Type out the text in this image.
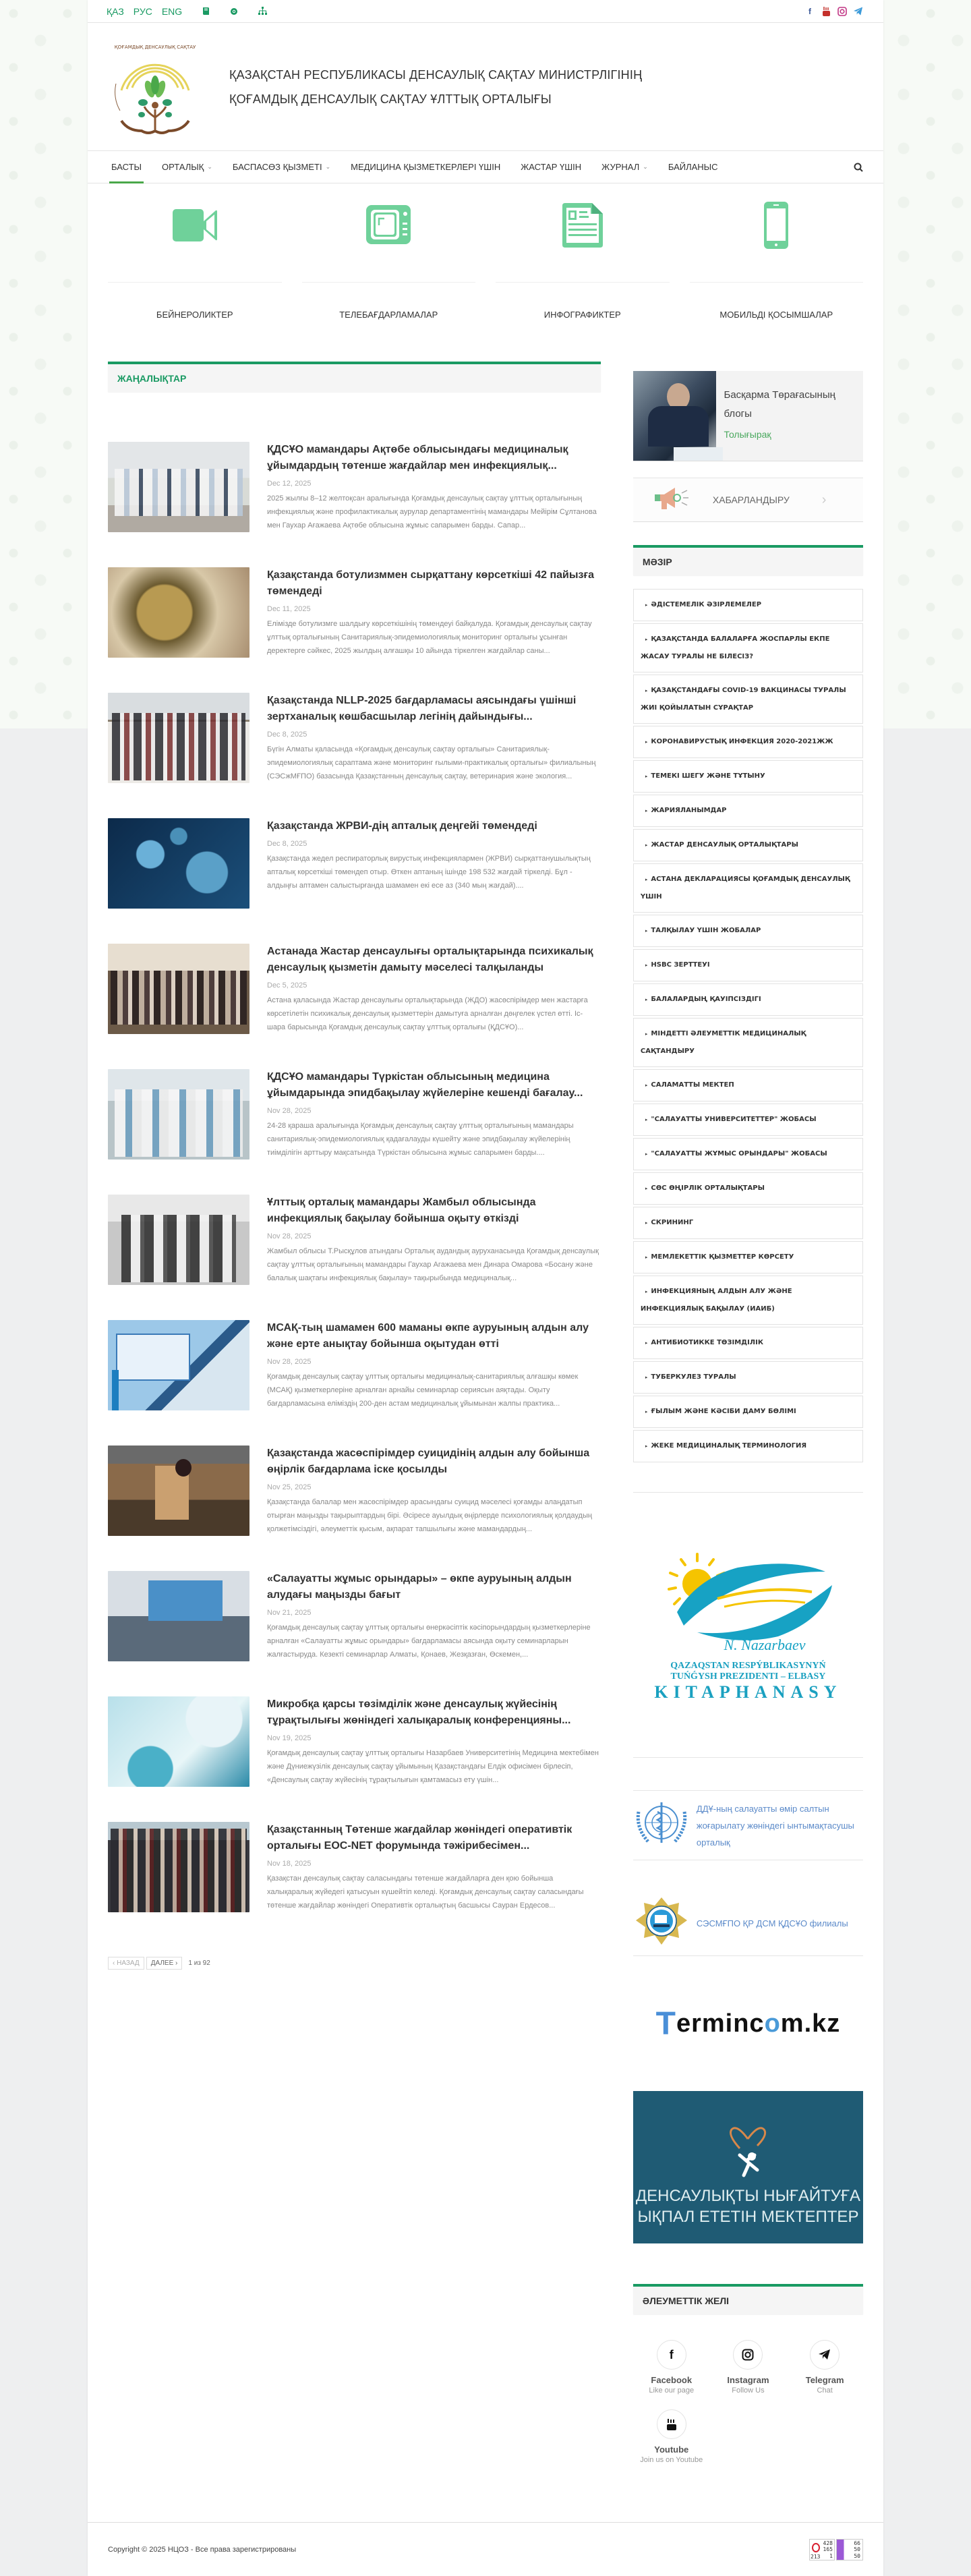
ҚАЗ РУС ENG	f
ҚОҒАМДЫҚ ДЕНСАУЛЫҚ САҚТАУ
ҚАЗАҚСТАН РЕСПУБЛИКАСЫ ДЕНСАУЛЫҚ САҚТАУ МИНИСТРЛІГІНІҢ
ҚОҒАМДЫҚ ДЕНСАУЛЫҚ САҚТАУ ҰЛТТЫҚ ОРТАЛЫҒЫ
БАСТЫ ОРТАЛЫҚ ⌄ БАСПАСӨЗ ҚЫЗМЕТІ ⌄ МЕДИЦИНА ҚЫЗМЕТКЕРЛЕРІ ҮШІН ЖАСТАР ҮШІН ЖУРНАЛ ⌄ БАЙЛАНЫС
БЕЙНЕРОЛИКТЕР	ТЕЛЕБАҒДАРЛАМАЛАР	ИНФОГРАФИКТЕР	МОБИЛЬДІ ҚОСЫМШАЛАР
ЖАҢАЛЫҚТАР
ҚДСҰО мамандары Ақтөбе облысындағы медициналық ұйымдардың төтенше жағдайлар мен инфекциялық...
Dec 12, 2025
2025 жылғы 8–12 желтоқсан аралығында Қоғамдық денсаулық сақтау ұлттық орталығының инфекциялық және профилактикалық аурулар департаментінің мамандары Мейірім Сұлтанова мен Гаухар Ағажаева Ақтөбе облысына жұмыс сапарымен барды. Сапар...
Қазақстанда ботулизммен сырқаттану көрсеткіші 42 пайызға төмендеді
Dec 11, 2025
Елімізде ботулизмге шалдығу көрсеткішінің төмендеуі байқалуда. Қоғамдық денсаулық сақтау ұлттық орталығының Санитариялық-эпидемиологиялық мониторинг орталығы ұсынған деректерге сәйкес, 2025 жылдың алғашқы 10 айында тіркелген жағдайлар саны...
Қазақстанда NLLP-2025 бағдарламасы аясындағы үшінші зертханалық көшбасшылар легінің дайындығы...
Dec 8, 2025
Бүгін Алматы қаласында «Қоғамдық денсаулық сақтау орталығы» Санитариялық-эпидемиологиялық сараптама және мониторинг ғылыми-практикалық орталығы» филиалының (СЭСжМҒПО) базасында Қазақстанның денсаулық сақтау, ветеринария және экология...
Қазақстанда ЖРВИ-дің апталық деңгейі төмендеді
Dec 8, 2025
Қазақстанда жедел респираторлық вирустық инфекциялармен (ЖРВИ) сырқаттанушылықтың апталық көрсеткіші төмендеп отыр. Өткен аптаның ішінде 198 532 жағдай тіркелді. Бұл - алдыңғы аптамен салыстырғанда шамамен екі есе аз (340 мың жағдай)....
Астанада Жастар денсаулығы орталықтарында психикалық денсаулық қызметін дамыту мәселесі талқыланды
Dec 5, 2025
Астана қаласында Жастар денсаулығы орталықтарында (ЖДО) жасөспірімдер мен жастарға көрсетілетін психикалық денсаулық қызметтерін дамытуға арналған дөңгелек үстел өтті. Іс-шара барысында Қоғамдық денсаулық сақтау ұлттық орталығы (ҚДСҰО)...
ҚДСҰО мамандары Түркістан облысының медицина ұйымдарында эпидбақылау жүйелеріне кешенді бағалау...
Nov 28, 2025
24-28 қараша аралығында Қоғамдық денсаулық сақтау ұлттық орталығының мамандары санитариялық-эпидемиологиялық қадағалауды күшейту және эпидбақылау жүйелерінің тиімділігін арттыру мақсатында Түркістан облысына жұмыс сапарымен барды....
Ұлттық орталық мамандары Жамбыл облысында инфекциялық бақылау бойынша оқыту өткізді
Nov 28, 2025
Жамбыл облысы Т.Рысқұлов атындағы Орталық аудандық ауруханасында Қоғамдық денсаулық сақтау ұлттық орталығының мамандары Гаухар Агажаева мен Динара Омарова «Босану және балалық шақтағы инфекциялық бақылау» тақырыбында медициналық...
МСАҚ-тың шамамен 600 маманы өкпе ауруының алдын алу және ерте анықтау бойынша оқытудан өтті
Nov 28, 2025
Қоғамдық денсаулық сақтау ұлттық орталығы медициналық-санитариялық алғашқы көмек (МСАҚ) қызметкерлеріне арналған арнайы семинарлар сериясын аяқтады. Оқыту бағдарламасына еліміздің 200-ден астам медициналық ұйымынан жалпы практика...
Қазақстанда жасөспірімдер суицидінің алдын алу бойынша өңірлік бағдарлама іске қосылды
Nov 25, 2025
Қазақстанда балалар мен жасөспірімдер арасындағы суицид мәселесі қоғамды алаңдатып отырған маңызды тақырыптардың бірі. Әсіресе ауылдық өңірлерде психологиялық қолдаудың қолжетімсіздігі, әлеуметтік қысым, ақпарат тапшылығы және мамандардың...
«Салауатты жұмыс орындары» – өкпе ауруының алдын алудағы маңызды бағыт
Nov 21, 2025
Қоғамдық денсаулық сақтау ұлттық орталығы өнеркәсіптік кәсіпорындардың қызметкерлеріне арналған «Салауатты жұмыс орындары» бағдарламасы аясында оқыту семинарларын жалғастыруда. Кезекті семинарлар Алматы, Қонаев, Жезқазған, Өскемен,...
Микробқа қарсы төзімділік және денсаулық жүйесінің тұрақтылығы жөніндегі халықаралық конференцияны...
Nov 19, 2025
Қоғамдық денсаулық сақтау ұлттық орталығы Назарбаев Университетінің Медицина мектебімен және Дүниежүзілік денсаулық сақтау ұйымының Қазақстандағы Елдік офисімен бірлесіп, «Денсаулық сақтау жүйесінің тұрақтылығын қамтамасыз ету үшін...
Қазақстанның Төтенше жағдайлар жөніндегі оперативтік орталығы EOC-NET форумында тәжірибесімен...
Nov 18, 2025
Қазақстан денсаулық сақтау саласындағы төтенше жағдайларға ден қою бойынша халықаралық жүйедегі қатысуын күшейтіп келеді. Қоғамдық денсаулық сақтау саласындағы төтенше жағдайлар жөніндегі Оперативтік орталықтың басшысы Сауран Ердесов...
‹ НАЗАД	ДАЛЕЕ ›	1 из 92
Басқарма Төрағасының блогы
Толығырақ
ХАБАРЛАНДЫРУ ›
МӘЗІР
▸ ӘДІСТЕМЕЛІК ӘЗІРЛЕМЕЛЕР
▸ ҚАЗАҚСТАНДА БАЛАЛАРҒА ЖОСПАРЛЫ ЕКПЕ ЖАСАУ ТУРАЛЫ НЕ БІЛЕСІЗ?
▸ ҚАЗАҚСТАНДАҒЫ COVID-19 ВАКЦИНАСЫ ТУРАЛЫ ЖИІ ҚОЙЫЛАТЫН СҰРАҚТАР
▸ КОРОНАВИРУСТЫҚ ИНФЕКЦИЯ 2020-2021ЖЖ
▸ ТЕМЕКІ ШЕГУ ЖӘНЕ ТҰТЫНУ
▸ ЖАРИЯЛАНЫМДАР
▸ ЖАСТАР ДЕНСАУЛЫҚ ОРТАЛЫҚТАРЫ
▸ АСТАНА ДЕКЛАРАЦИЯСЫ ҚОҒАМДЫҚ ДЕНСАУЛЫҚ ҮШІН
▸ ТАЛҚЫЛАУ ҮШІН ЖОБАЛАР
▸ HSBC ЗЕРТТЕУІ
▸ БАЛАЛАРДЫҢ ҚАУІПСІЗДІГІ
▸ МІНДЕТТІ ӘЛЕУМЕТТІК МЕДИЦИНАЛЫҚ САҚТАНДЫРУ
▸ САЛАМАТТЫ МЕКТЕП
▸ "САЛАУАТТЫ УНИВЕРСИТЕТТЕР" ЖОБАСЫ
▸ "САЛАУАТТЫ ЖҰМЫС ОРЫНДАРЫ" ЖОБАСЫ
▸ СӨС ӨҢІРЛІК ОРТАЛЫҚТАРЫ
▸ СКРИНИНГ
▸ МЕМЛЕКЕТТІК ҚЫЗМЕТТЕР КӨРСЕТУ
▸ ИНФЕКЦИЯНЫҢ АЛДЫН АЛУ ЖӘНЕ ИНФЕКЦИЯЛЫҚ БАҚЫЛАУ (ИАИБ)
▸ АНТИБИОТИККЕ ТӨЗІМДІЛІК
▸ ТУБЕРКУЛЕЗ ТУРАЛЫ
▸ ҒЫЛЫМ ЖӘНЕ КӘСІБИ ДАМУ БӨЛІМІ
▸ ЖЕКЕ МЕДИЦИНАЛЫҚ ТЕРМИНОЛОГИЯ
N. Nazarbaev
QAZAQSTAN RESPÝBLIKASYNYŃ
TUŃǴYSH PREZIDENTI – ELBASY
KITAPHANASY
ДДҰ-ның салауатты өмір салтын жоғарылату жөніндегі ынтымақтасушы орталық
СЭСМҒПО ҚР ДСМ ҚДСҰО филиалы
T erminc o m.kz
ДЕНСАУЛЫҚТЫ НЫҒАЙТУҒА ЫҚПАЛ ЕТЕТІН МЕКТЕПТЕР
ӘЛЕУМЕТТІК ЖЕЛІ
f
Facebook
Like our page
Instagram
Follow Us
Telegram
Chat
Youtube
Join us on Youtube
Copyright © 2025 НЦОЗ - Все права зарегистрированы
428
165
1
213
66
50
50
